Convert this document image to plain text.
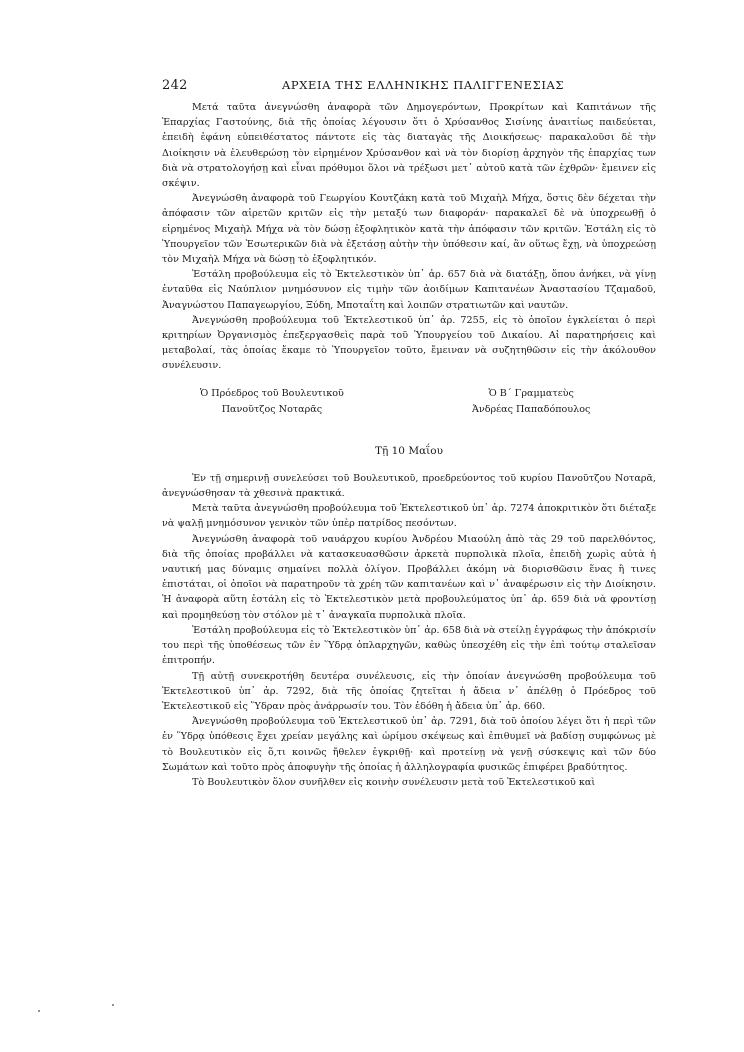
242	ΑΡΧΕΙΑ ΤΗΣ ΕΛΛΗΝΙΚΗΣ ΠΑΛΙΓΓΕΝΕΣΙΑΣ

Μετά ταῦτα ἀνεγνώσθη ἀναφορὰ τῶν Δημογερόντων, Προκρίτων καὶ Καπιτάνων τῆς Ἐπαρχίας Γαστούνης, διὰ τῆς ὁποίας λέγουσιν ὅτι ὁ Χρύσανθος Σισίνης ἀναιτίως παιδεύεται, ἐπειδὴ ἐφάνη εὐπειθέστατος πάντοτε εἰς τὰς διαταγὰς τῆς Διοικήσεως· παρακαλοῦσι δὲ τὴν Διοίκησιν νὰ ἐλευθερώσῃ τὸν εἰρημένον Χρύσανθον καὶ νὰ τὸν διορίσῃ ἀρχηγὸν τῆς ἐπαρχίας των διὰ νὰ στρατολογήσῃ καὶ εἶναι πρόθυμοι ὅλοι νὰ τρέξωσι μετ᾿ αὐτοῦ κατὰ τῶν ἐχθρῶν· ἔμεινεν εἰς σκέψιν.

Ἀνεγνώσθη ἀναφορὰ τοῦ Γεωργίου Κουτζάκη κατὰ τοῦ Μιχαὴλ Μήχα, ὅστις δὲν δέχεται τὴν ἀπόφασιν τῶν αἱρετῶν κριτῶν εἰς τὴν μεταξύ των διαφοράν· παρακαλεῖ δὲ νὰ ὑποχρεωθῇ ὁ εἰρημένος Μιχαὴλ Μήχα νὰ τὸν δώσῃ ἐξοφλητικὸν κατὰ τὴν ἀπόφασιν τῶν κριτῶν. Ἐστάλη εἰς τὸ Ὑπουργεῖον τῶν Ἐσωτερικῶν διὰ νὰ ἐξετάσῃ αὐτὴν τὴν ὑπόθεσιν καί, ἂν οὕτως ἔχῃ, νὰ ὑποχρεώσῃ τὸν Μιχαὴλ Μήχα νὰ δώσῃ τὸ ἐξοφλητικόν.

Ἐστάλη προβούλευμα εἰς τὸ Ἐκτελεστικὸν ὑπ᾿ ἀρ. 657 διὰ νὰ διατάξῃ, ὅπου ἀνήκει, νὰ γίνῃ ἐνταῦθα εἰς Ναύπλιον μνημόσυνον εἰς τιμὴν τῶν ἀοιδίμων Καπιτανέων Ἀναστασίου Τζαμαδοῦ, Ἀναγνώστου Παπαγεωργίου, Ξύδη, Μποταΐτη καὶ λοιπῶν στρατιωτῶν καὶ ναυτῶν.

Ἀνεγνώσθη προβούλευμα τοῦ Ἐκτελεστικοῦ ὑπ᾿ ἀρ. 7255, εἰς τὸ ὁποῖον ἐγκλείεται ὁ περὶ κριτηρίων Ὀργανισμὸς ἐπεξεργασθεὶς παρὰ τοῦ Ὑπουργείου τοῦ Δικαίου. Αἱ παρατηρήσεις καὶ μεταβολαί, τὰς ὁποίας ἔκαμε τὸ Ὑπουργεῖον τοῦτο, ἔμειναν νὰ συζητηθῶσιν εἰς τὴν ἀκόλουθον συνέλευσιν.

Ὁ Πρόεδρος τοῦ Βουλευτικοῦ
Πανοῦτζος Νοταρᾶς
Ὁ Β΄ Γραμματεὺς
Ἀνδρέας Παπαδόπουλος
Τῇ 10 Μαΐου

Ἐν τῇ σημερινῇ συνελεύσει τοῦ Βουλευτικοῦ, προεδρεύοντος τοῦ κυρίου Πανοῦτζου Νοταρᾶ, ἀνεγνώσθησαν τὰ χθεσινὰ πρακτικά.

Μετὰ ταῦτα ἀνεγνώσθη προβούλευμα τοῦ Ἐκτελεστικοῦ ὑπ᾿ ἀρ. 7274 ἀποκριτικὸν ὅτι διέταξε νὰ ψαλῇ μνημόσυνον γενικὸν τῶν ὑπὲρ πατρίδος πεσόντων.

Ἀνεγνώσθη ἀναφορὰ τοῦ ναυάρχου κυρίου Ἀνδρέου Μιαούλη ἀπὸ τὰς 29 τοῦ παρελθόντος, διὰ τῆς ὁποίας προβάλλει νὰ κατασκευασθῶσιν ἀρκετὰ πυρπολικὰ πλοῖα, ἐπειδὴ χωρὶς αὐτὰ ἡ ναυτική μας δύναμις σημαίνει πολλὰ ὀλίγον. Προβάλλει ἀκόμη νὰ διορισθῶσιν ἕνας ἢ τινες ἐπιστάται, οἱ ὁποῖοι νὰ παρατηροῦν τὰ χρέη τῶν καπιτανέων καὶ ν᾿ ἀναφέρωσιν εἰς τὴν Διοίκησιν. Ἡ ἀναφορὰ αὕτη ἐστάλη εἰς τὸ Ἐκτελεστικὸν μετὰ προβουλεύματος ὑπ᾿ ἀρ. 659 διὰ νὰ φροντίσῃ καὶ προμηθεύσῃ τὸν στόλον μὲ τ᾿ ἀναγκαῖα πυρπολικὰ πλοῖα.

Ἐστάλη προβούλευμα εἰς τὸ Ἐκτελεστικὸν ὑπ᾿ ἀρ. 658 διὰ νὰ στείλῃ ἐγγράφως τὴν ἀπόκρισίν του περὶ τῆς ὑποθέσεως τῶν ἐν Ὕδρᾳ ὁπλαρχηγῶν, καθὼς ὑπεσχέθη εἰς τὴν ἐπὶ τούτῳ σταλεῖσαν ἐπιτροπήν.

Τῇ αὐτῇ συνεκροτήθη δευτέρα συνέλευσις, εἰς τὴν ὁποίαν ἀνεγνώσθη προβούλευμα τοῦ Ἐκτελεστικοῦ ὑπ᾿ ἀρ. 7292, διὰ τῆς ὁποίας ζητεῖται ἡ ἄδεια ν᾿ ἀπέλθῃ ὁ Πρόεδρος τοῦ Ἐκτελεστικοῦ εἰς Ὕδραν πρὸς ἀνάρρωσίν του. Τὸν ἐδόθη ἡ ἄδεια ὑπ᾿ ἀρ. 660.

Ἀνεγνώσθη προβούλευμα τοῦ Ἐκτελεστικοῦ ὑπ᾿ ἀρ. 7291, διὰ τοῦ ὁποίου λέγει ὅτι ἡ περὶ τῶν ἐν Ὕδρᾳ ὑπόθεσις ἔχει χρείαν μεγάλης καὶ ὡρίμου σκέψεως καὶ ἐπιθυμεῖ νὰ βαδίσῃ συμφώνως μὲ τὸ Βουλευτικὸν εἰς ὅ,τι κοινῶς ἤθελεν ἐγκριθῇ· καὶ προτείνῃ νὰ γενῇ σύσκεψις καὶ τῶν δύο Σωμάτων καὶ τοῦτο πρὸς ἀποφυγὴν τῆς ὁποίας ἡ ἀλληλογραφία φυσικῶς ἐπιφέρει βραδύτητος.

Τὸ Βουλευτικὸν ὅλον συνῆλθεν εἰς κοινὴν συνέλευσιν μετὰ τοῦ Ἐκτελεστικοῦ καὶ
